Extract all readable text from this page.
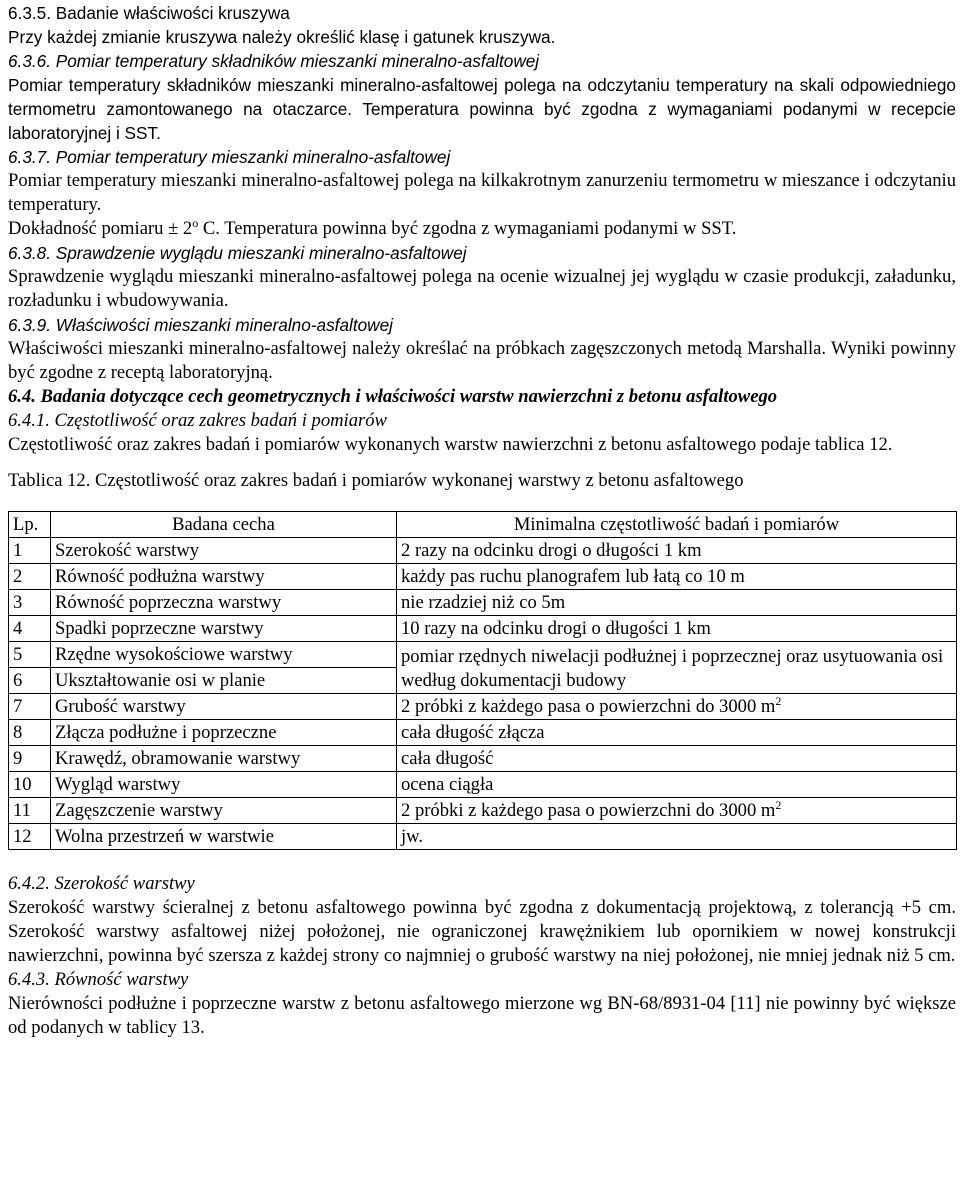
6.3.5. Badanie właściwości kruszywa

Przy każdej zmianie kruszywa należy określić klasę i gatunek kruszywa.

6.3.6. Pomiar temperatury składników mieszanki mineralno-asfaltowej

Pomiar temperatury składników mieszanki mineralno-asfaltowej polega na odczytaniu temperatury na skali odpowiedniego termometru zamontowanego na otaczarce. Temperatura powinna być zgodna z wymaganiami podanymi w recepcie laboratoryjnej i SST.

6.3.7. Pomiar temperatury mieszanki mineralno-asfaltowej

Pomiar temperatury mieszanki mineralno-asfaltowej polega na kilkakrotnym zanurzeniu termometru w mieszance i odczytaniu temperatury.

Dokładność pomiaru ± $2^o$ C. Temperatura powinna być zgodna z wymaganiami podanymi w SST.

6.3.8. Sprawdzenie wyglądu mieszanki mineralno-asfaltowej

Sprawdzenie wyglądu mieszanki mineralno-asfaltowej polega na ocenie wizualnej jej wyglądu w czasie produkcji, załadunku, rozładunku i wbudowywania.

6.3.9. Właściwości mieszanki mineralno-asfaltowej

Właściwości mieszanki mineralno-asfaltowej należy określać na próbkach zagęszczonych metodą Marshalla. Wyniki powinny być zgodne z receptą laboratoryjną.

6.4. Badania dotyczące cech geometrycznych i właściwości warstw nawierzchni z betonu asfaltowego

6.4.1. Częstotliwość oraz zakres badań i pomiarów

Częstotliwość oraz zakres badań i pomiarów wykonanych warstw nawierzchni z betonu asfaltowego podaje tablica 12.

Tablica 12. Częstotliwość oraz zakres badań i pomiarów wykonanej warstwy z betonu asfaltowego

Lp.	Badana cecha	Minimalna częstotliwość badań i pomiarów
1	Szerokość warstwy	2 razy na odcinku drogi o długości 1 km
2	Równość podłużna warstwy	każdy pas ruchu planografem lub łatą co 10 m
3	Równość poprzeczna warstwy	nie rzadziej niż co 5m
4	Spadki poprzeczne warstwy	10 razy na odcinku drogi o długości 1 km
5	Rzędne wysokościowe warstwy	pomiar rzędnych niwelacji podłużnej i poprzecznej oraz usytuowania osi według dokumentacji budowy
6	Ukształtowanie osi w planie	
7	Grubość warstwy	2 próbki z każdego pasa o powierzchni do 3000 $m^2$
8	Złącza podłużne i poprzeczne	cała długość złącza
9	Krawędź, obramowanie warstwy	cała długość
10	Wygląd warstwy	ocena ciągła
11	Zagęszczenie warstwy	2 próbki z każdego pasa o powierzchni do 3000 $m^2$
12	Wolna przestrzeń w warstwie	jw.

6.4.2. Szerokość warstwy

Szerokość warstwy ścieralnej z betonu asfaltowego powinna być zgodna z dokumentacją projektową, z tolerancją +5 cm. Szerokość warstwy asfaltowej niżej położonej, nie ograniczonej krawężnikiem lub opornikiem w nowej konstrukcji nawierzchni, powinna być szersza z każdej strony co najmniej o grubość warstwy na niej położonej, nie mniej jednak niż 5 cm.

6.4.3. Równość warstwy

Nierówności podłużne i poprzeczne warstw z betonu asfaltowego mierzone wg BN-68/8931-04 [11] nie powinny być większe od podanych w tablicy 13.
